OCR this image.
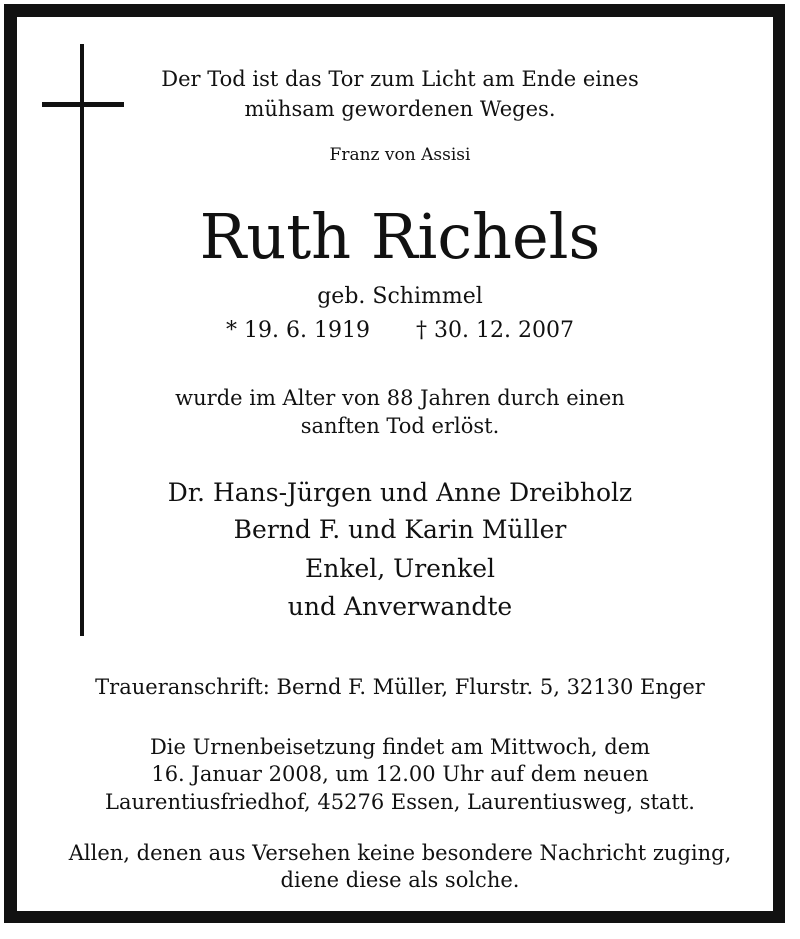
Der Tod ist das Tor zum Licht am Ende eines
mühsam gewordenen Weges.
Franz von Assisi
Ruth Richels
geb. Schimmel
* 19. 6. 1919 † 30. 12. 2007
wurde im Alter von 88 Jahren durch einen
sanften Tod erlöst.
Dr. Hans-Jürgen und Anne Dreibholz
Bernd F. und Karin Müller
Enkel, Urenkel
und Anverwandte
Traueranschrift: Bernd F. Müller, Flurstr. 5, 32130 Enger
Die Urnenbeisetzung findet am Mittwoch, dem
16. Januar 2008, um 12.00 Uhr auf dem neuen
Laurentiusfriedhof, 45276 Essen, Laurentiusweg, statt.
Allen, denen aus Versehen keine besondere Nachricht zuging,
diene diese als solche.
